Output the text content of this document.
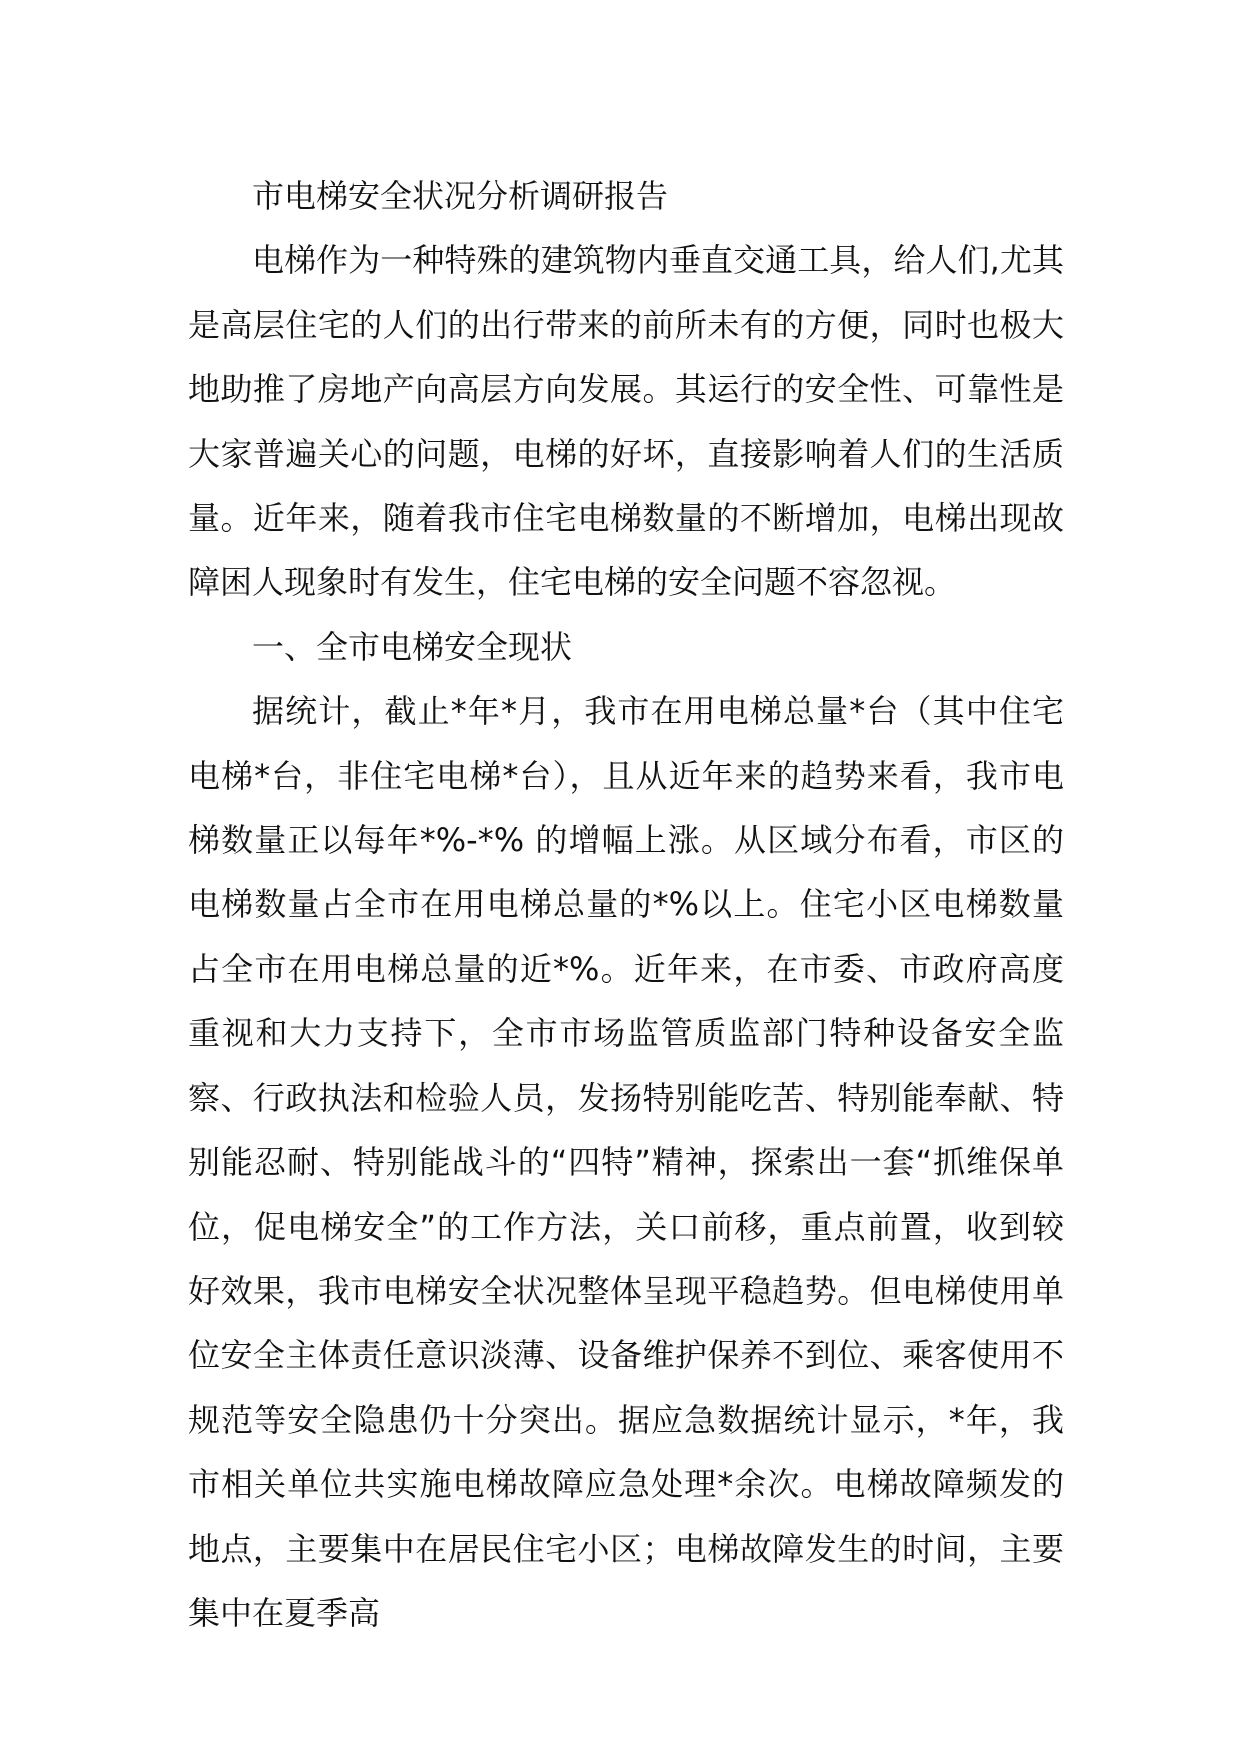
市电梯安全状况分析调研报告

电梯作为一种特殊的建筑物内垂直交通工具，给人们,尤其是高层住宅的人们的出行带来的前所未有的方便，同时也极大地助推了房地产向高层方向发展。其运行的安全性、可靠性是大家普遍关心的问题，电梯的好坏，直接影响着人们的生活质量。近年来，随着我市住宅电梯数量的不断增加，电梯出现故障困人现象时有发生，住宅电梯的安全问题不容忽视。

一、全市电梯安全现状

据统计，截止*年*月，我市在用电梯总量*台（其中住宅电梯*台，非住宅电梯*台），且从近年来的趋势来看，我市电梯数量正以每年*%-*% 的增幅上涨。从区域分布看，市区的电梯数量占全市在用电梯总量的*%以上。住宅小区电梯数量占全市在用电梯总量的近*%。近年来，在市委、市政府高度重视和大力支持下，全市市场监管质监部门特种设备安全监察、行政执法和检验人员，发扬特别能吃苦、特别能奉献、特别能忍耐、特别能战斗的“四特”精神，探索出一套“抓维保单位，促电梯安全”的工作方法，关口前移，重点前置，收到较好效果，我市电梯安全状况整体呈现平稳趋势。但电梯使用单位安全主体责任意识淡薄、设备维护保养不到位、乘客使用不规范等安全隐患仍十分突出。据应急数据统计显示，*年，我市相关单位共实施电梯故障应急处理*余次。电梯故障频发的地点，主要集中在居民住宅小区；电梯故障发生的时间，主要集中在夏季高
